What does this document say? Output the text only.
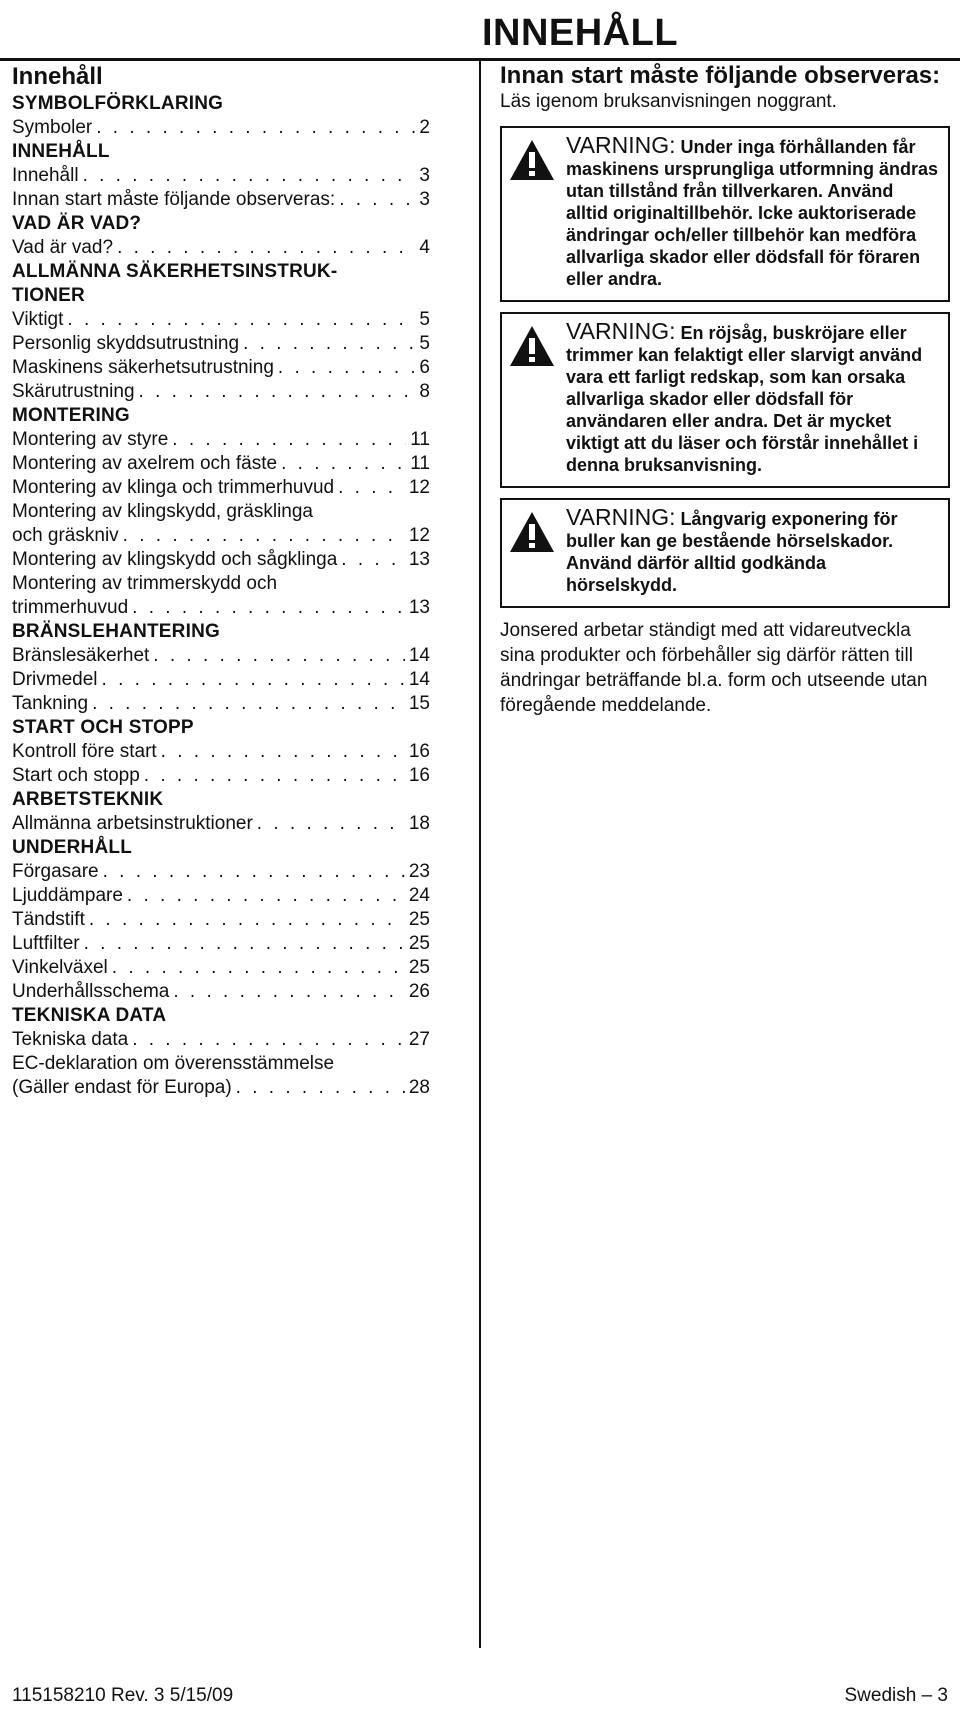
INNEHÅLL
Innehåll
SYMBOLFÖRKLARING
Symboler . . .	2
INNEHÅLL
Innehåll . . .	3
Innan start måste följande observeras: . . .	3
VAD ÄR VAD?
Vad är vad? . . .	4
ALLMÄNNA SÄKERHETSINSTRUK-
TIONER
Viktigt . . .	5
Personlig skyddsutrustning . . .	5
Maskinens säkerhetsutrustning . . .	6
Skärutrustning . . .	8
MONTERING
Montering av styre . . .	11
Montering av axelrem och fäste . . .	11
Montering av klinga och trimmerhuvud . . .	12
Montering av klingskydd, gräsklinga
och gräskniv . . .	12
Montering av klingskydd och sågklinga . . .	13
Montering av trimmerskydd och
trimmerhuvud . . .	13
BRÄNSLEHANTERING
Bränslesäkerhet . . .	14
Drivmedel . . .	14
Tankning . . .	15
START OCH STOPP
Kontroll före start . . .	16
Start och stopp . . .	16
ARBETSTEKNIK
Allmänna arbetsinstruktioner . . .	18
UNDERHÅLL
Förgasare . . .	23
Ljuddämpare . . .	24
Tändstift . . .	25
Luftfilter . . .	25
Vinkelväxel . . .	25
Underhållsschema . . .	26
TEKNISKA DATA
Tekniska data . . .	27
EC-deklaration om överensstämmelse
(Gäller endast för Europa) . . .	28
Innan start måste följande observeras:
Läs igenom bruksanvisningen noggrant.
VARNING: Under inga förhållanden får maskinens ursprungliga utformning ändras utan tillstånd från tillverkaren. Använd alltid originaltillbehör. Icke auktoriserade ändringar och/eller tillbehör kan medföra allvarliga skador eller dödsfall för föraren eller andra.
VARNING: En röjsåg, buskröjare eller trimmer kan felaktigt eller slarvigt använd vara ett farligt redskap, som kan orsaka allvarliga skador eller dödsfall för användaren eller andra. Det är mycket viktigt att du läser och förstår innehållet i denna bruksanvisning.
VARNING: Långvarig exponering för buller kan ge bestående hörselskador. Använd därför alltid godkända hörselskydd.
Jonsered arbetar ständigt med att vidareutveckla sina produkter och förbehåller sig därför rätten till ändringar beträffande bl.a. form och utseende utan föregående meddelande.
115158210 Rev. 3 5/15/09	Swedish – 3
